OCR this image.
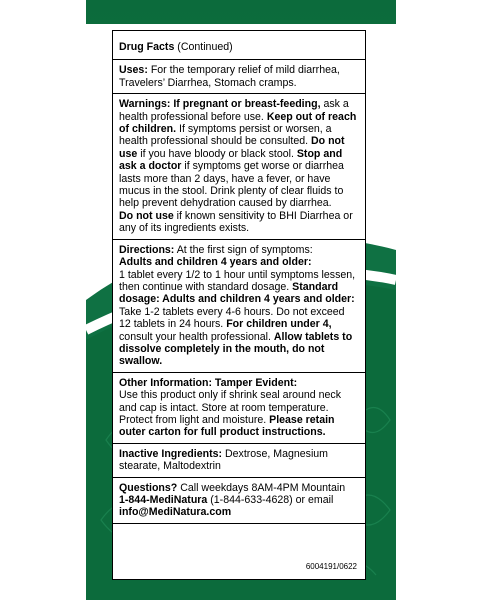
Drug Facts (Continued)
Uses: For the temporary relief of mild diarrhea, Travelers’ Diarrhea, Stomach cramps.
Warnings: If pregnant or breast-feeding, ask a health professional before use. Keep out of reach of children. If symptoms persist or worsen, a health professional should be consulted. Do not use if you have bloody or black stool. Stop and ask a doctor if symptoms get worse or diarrhea lasts more than 2 days, have a fever, or have mucus in the stool. Drink plenty of clear fluids to help prevent dehydration caused by diarrhea.
Do not use if known sensitivity to BHI Diarrhea or any of its ingredients exists.
Directions: At the first sign of symptoms:
Adults and children 4 years and older:
1 tablet every 1/2 to 1 hour until symptoms lessen, then continue with standard dosage. Standard dosage: Adults and children 4 years and older: Take 1-2 tablets every 4-6 hours. Do not exceed 12 tablets in 24 hours. For children under 4, consult your health professional. Allow tablets to dissolve completely in the mouth, do not swallow.
Other Information: Tamper Evident:
Use this product only if shrink seal around neck and cap is intact. Store at room temperature. Protect from light and moisture. Please retain outer carton for full product instructions.
Inactive Ingredients: Dextrose, Magnesium stearate, Maltodextrin
Questions? Call weekdays 8AM-4PM Mountain
1-844-MediNatura (1-844-633-4628) or email info@MediNatura.com
6004191/0622
